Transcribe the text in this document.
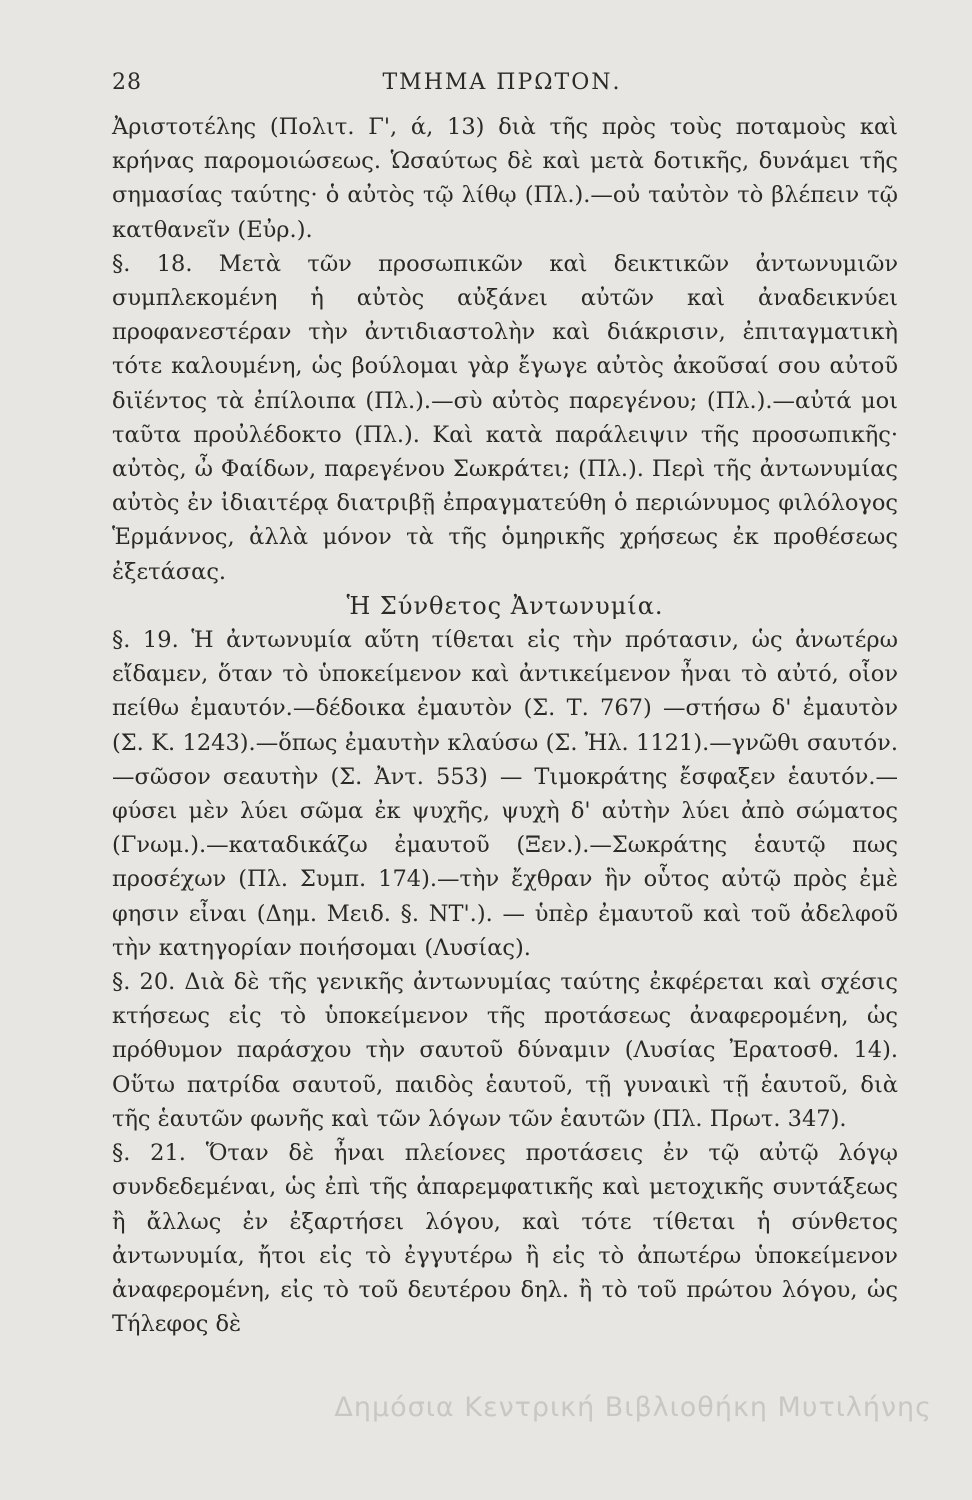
28	ΤΜΗΜΑ ΠΡΩΤΟΝ.

Ἀριστοτέλης (Πολιτ. Γ', ά, 13) διὰ τῆς πρὸς τοὺς ποταμοὺς καὶ κρήνας παρομοιώσεως. Ὡσαύτως δὲ καὶ μετὰ δοτικῆς, δυνάμει τῆς σημασίας ταύτης· ὁ αὐτὸς τῷ λίθῳ (Πλ.).—οὐ ταὐτὸν τὸ βλέπειν τῷ κατθανεῖν (Εὐρ.).

§. 18. Μετὰ τῶν προσωπικῶν καὶ δεικτικῶν ἀντωνυμιῶν συμπλεκομένη ἡ αὐτὸς αὐξάνει αὐτῶν καὶ ἀναδεικνύει προφανεστέραν τὴν ἀντιδιαστολὴν καὶ διάκρισιν, ἐπιταγματικὴ τότε καλουμένη, ὡς βούλομαι γὰρ ἔγωγε αὐτὸς ἀκοῦσαί σου αὐτοῦ διϊέντος τὰ ἐπίλοιπα (Πλ.).—σὺ αὐτὸς παρεγένου; (Πλ.).—αὐτά μοι ταῦτα προὐλέδοκτο (Πλ.). Καὶ κατὰ παράλειψιν τῆς προσωπικῆς· αὐτὸς, ὦ Φαίδων, παρεγένου Σωκράτει; (Πλ.). Περὶ τῆς ἀντωνυμίας αὐτὸς ἐν ἰδιαιτέρᾳ διατριβῇ ἐπραγματεύθη ὁ περιώνυμος φιλόλογος Ἑρμάννος, ἀλλὰ μόνον τὰ τῆς ὁμηρικῆς χρήσεως ἐκ προθέσεως ἐξετάσας.

Ἡ Σύνθετος Ἀντωνυμία.

§. 19. Ἡ ἀντωνυμία αὕτη τίθεται εἰς τὴν πρότασιν, ὡς ἀνωτέρω εἴδαμεν, ὅταν τὸ ὑποκείμενον καὶ ἀντικείμενον ἦναι τὸ αὐτό, οἷον πείθω ἐμαυτόν.—δέδοικα ἐμαυτὸν (Σ. Τ. 767) —στήσω δ' ἐμαυτὸν (Σ. Κ. 1243).—ὅπως ἐμαυτὴν κλαύσω (Σ. Ἠλ. 1121).—γνῶθι σαυτόν.—σῶσον σεαυτὴν (Σ. Ἀντ. 553) — Τιμοκράτης ἔσφαξεν ἑαυτόν.— φύσει μὲν λύει σῶμα ἐκ ψυχῆς, ψυχὴ δ' αὐτὴν λύει ἀπὸ σώματος (Γνωμ.).—καταδικάζω ἐμαυτοῦ (Ξεν.).—Σωκράτης ἑαυτῷ πως προσέχων (Πλ. Συμπ. 174).—τὴν ἔχθραν ἣν οὗτος αὐτῷ πρὸς ἐμὲ φησιν εἶναι (Δημ. Μειδ. §. ΝΤ'.). — ὑπὲρ ἐμαυτοῦ καὶ τοῦ ἀδελφοῦ τὴν κατηγορίαν ποιήσομαι (Λυσίας).

§. 20. Διὰ δὲ τῆς γενικῆς ἀντωνυμίας ταύτης ἐκφέρεται καὶ σχέσις κτήσεως εἰς τὸ ὑποκείμενον τῆς προτάσεως ἀναφερομένη, ὡς πρόθυμον παράσχου τὴν σαυτοῦ δύναμιν (Λυσίας Ἐρατοσθ. 14). Οὕτω πατρίδα σαυτοῦ, παιδὸς ἑαυτοῦ, τῇ γυναικὶ τῇ ἑαυτοῦ, διὰ τῆς ἑαυτῶν φωνῆς καὶ τῶν λόγων τῶν ἑαυτῶν (Πλ. Πρωτ. 347).

§. 21. Ὅταν δὲ ἦναι πλείονες προτάσεις ἐν τῷ αὐτῷ λόγῳ συνδεδεμέναι, ὡς ἐπὶ τῆς ἀπαρεμφατικῆς καὶ μετοχικῆς συντάξεως ἢ ἄλλως ἐν ἐξαρτήσει λόγου, καὶ τότε τίθεται ἡ σύνθετος ἀντωνυμία, ἤτοι εἰς τὸ ἐγγυτέρω ἢ εἰς τὸ ἀπωτέρω ὑποκείμενον ἀναφερομένη, εἰς τὸ τοῦ δευτέρου δηλ. ἢ τὸ τοῦ πρώτου λόγου, ὡς Τήλεφος δὲ

Δημόσια Κεντρική Βιβλιοθήκη Μυτιλήνης
